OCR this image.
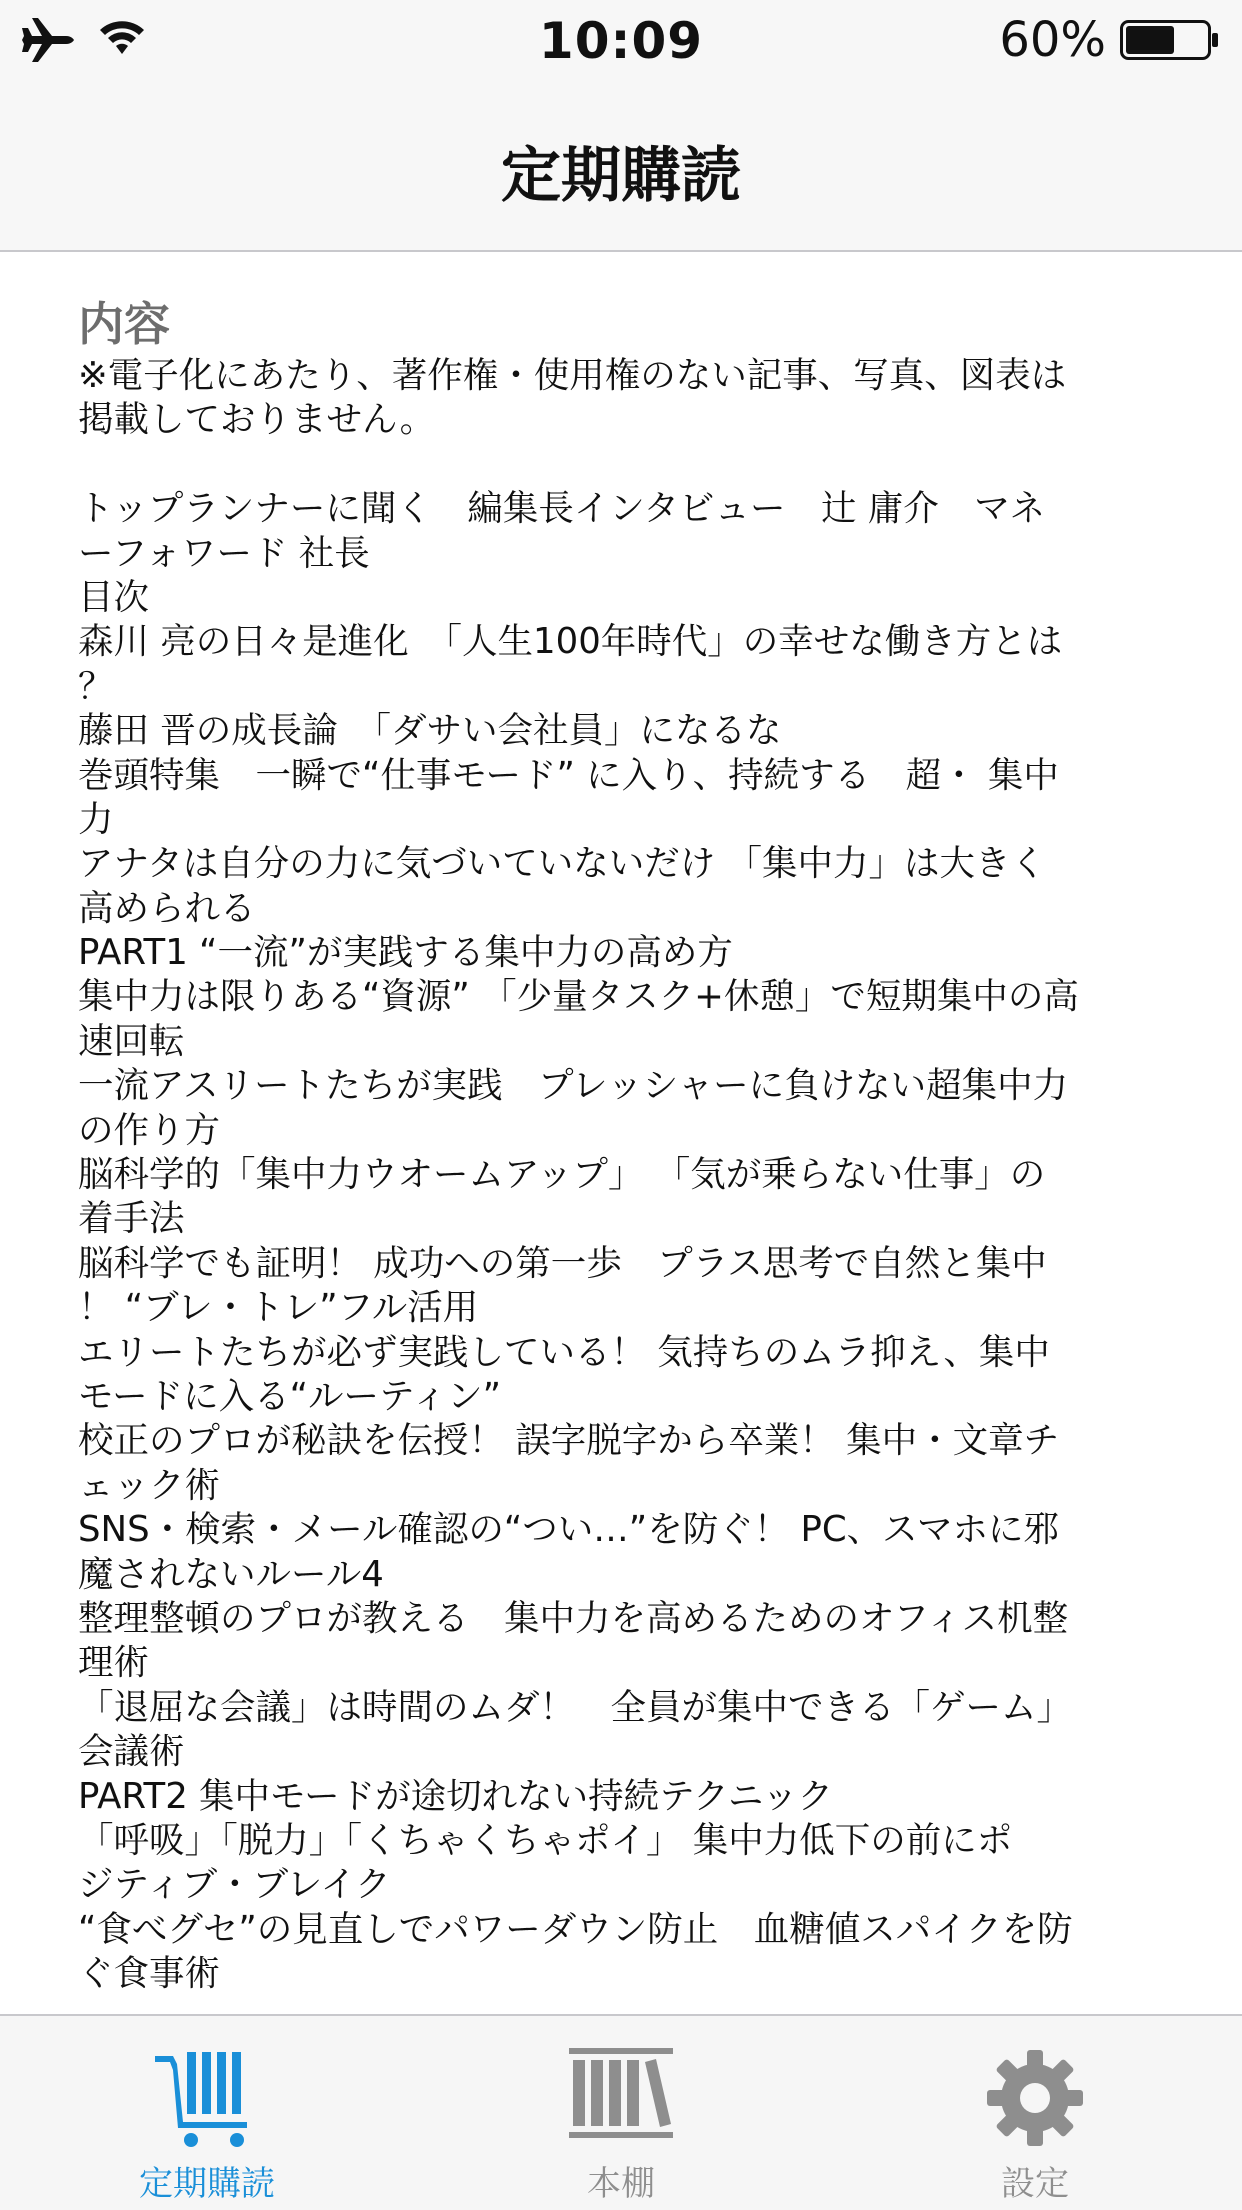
10:09	60%
定期購読
内容
※電子化にあたり、著作権・使用権のない記事、写真、図表は
掲載しておりません。
トップランナーに聞く　編集長インタビュー　辻 庸介　マネ
ーフォワード 社長
目次
森川 亮の日々是進化　「人生100年時代」の幸せな働き方とは
？
藤田 晋の成長論　「ダサい会社員」になるな
巻頭特集　一瞬で“仕事モード” に入り、持続する　超・ 集中
力
アナタは自分の力に気づいていないだけ 「集中力」は大きく
高められる
PART1 “一流”が実践する集中力の高め方
集中力は限りある“資源” 「少量タスク+休憩」で短期集中の高
速回転
一流アスリートたちが実践　プレッシャーに負けない超集中力
の作り方
脳科学的「集中力ウオームアップ」 「気が乗らない仕事」の
着手法
脳科学でも証明！ 成功への第一歩　プラス思考で自然と集中
！ “ブレ・トレ”フル活用
エリートたちが必ず実践している！ 気持ちのムラ抑え、集中
モードに入る“ルーティン”
校正のプロが秘訣を伝授！ 誤字脱字から卒業！ 集中・文章チ
ェック術
SNS・検索・メール確認の“つい…”を防ぐ！ PC、スマホに邪
魔されないルール4
整理整頓のプロが教える　集中力を高めるためのオフィス机整
理術
「退屈な会議」は時間のムダ！　全員が集中できる「ゲーム」
会議術
PART2 集中モードが途切れない持続テクニック
「呼吸」「脱力」「くちゃくちゃポイ」 集中力低下の前にポ
ジティブ・ブレイク
“食べグセ”の見直しでパワーダウン防止　血糖値スパイクを防
ぐ食事術
定期購読	本棚	設定
